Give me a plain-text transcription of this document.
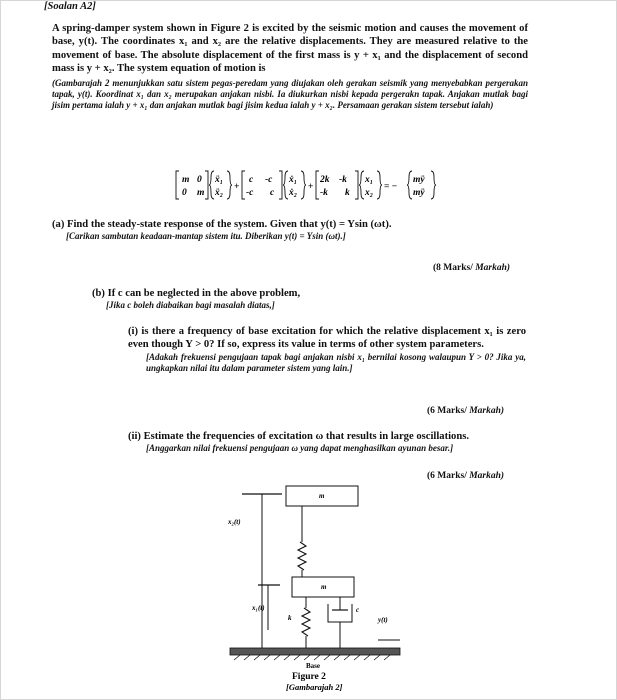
[Soalan A2]
A spring-damper system shown in Figure 2 is excited by the seismic motion and causes the movement of base, y(t). The coordinates x₁ and x₂ are the relative displacements. They are measured relative to the movement of base. The absolute displacement of the first mass is y + x₁ and the displacement of second mass is y + x₂. The system equation of motion is
(Gambarajah 2 menunjukkan satu sistem pegas-peredam yang diujakan oleh gerakan seismik yang menyebabkan pergerakan tapak, y(t). Koordinat x₁ dan x₂ merupakan anjakan nisbi. Ia diukurkan nisbi kepada pergerakn tapak. Anjakan mutlak bagi jisim pertama ialah y + x₁ dan anjakan mutlak bagi jisim kedua ialah y + x₂. Persamaan gerakan sistem tersebut ialah)
m 0
0 m
ẍ₁
ẍ₂
+
c -c
-c c
ẋ₁
ẋ₂
+
2k -k
-k k
x₁
x₂
= −
mÿ
mÿ
(a) Find the steady-state response of the system. Given that y(t) = Ysin (ωt).
[Carikan sambutan keadaan-mantap sistem itu. Diberikan y(t) = Ysin (ωt).]
(8 Marks/ Markah)
(b) If c can be neglected in the above problem,
[Jika c boleh diabaikan bagi masalah diatas,]
(i) is there a frequency of base excitation for which the relative displacement x₁ is zero even though Y > 0? If so, express its value in terms of other system parameters.
[Adakah frekuensi pengujaan tapak bagi anjakan nisbi x₁ bernilai kosong walaupun Y > 0? Jika ya, ungkapkan nilai itu dalam parameter sistem yang lain.]
(6 Marks/ Markah)
(ii) Estimate the frequencies of excitation ω that results in large oscillations.
[Anggarkan nilai frekuensi pengujaan ω yang dapat menghasilkan ayunan besar.]
(6 Marks/ Markah)
m
x₂(t)
m
x₁(t)
k
c
y(t)
Base
Figure 2
[Gambarajah 2]
